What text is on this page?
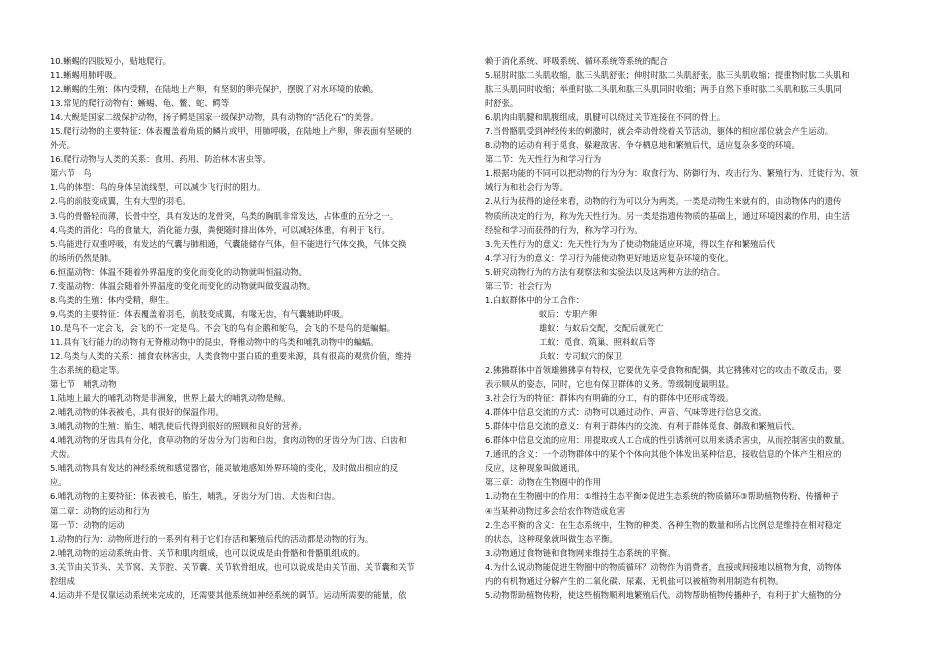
10.蜥蜴的四肢短小，贴地爬行。
11.蜥蜴用肺呼吸。
12.蜥蜴的生殖：体内受精，在陆地上产卵，有坚韧的卵壳保护，摆脱了对水环境的依赖。
13.常见的爬行动物有：蜥蜴、龟、鳖、蛇、鳄等
14.大鲵是国家二级保护动物，扬子鳄是国家一级保护动物，具有动物的“活化石”的美誉。
15.爬行动物的主要特征：体表覆盖着角质的鳞片或甲，用肺呼吸，在陆地上产卵，卵表面有坚硬的
外壳。
16.爬行动物与人类的关系：食用、药用、防治林木害虫等。
第六节　鸟
1.鸟的体型：鸟的身体呈流线型，可以减少飞行时的阻力。
2.鸟的前肢变成翼，生有大型的羽毛。
3.鸟的骨骼轻而薄，长骨中空，具有发达的龙骨突，鸟类的胸肌非常发达，占体重的五分之一。
4.鸟类的消化：鸟的食量大，消化能力强，粪便随时排出体外，可以减轻体重，有利于飞行。
5.鸟能进行双重呼吸，有发达的气囊与肺相通，气囊能储存气体，但不能进行气体交换，气体交换
的场所仍然是肺。
6.恒温动物：体温不随着外界温度的变化而变化的动物就叫恒温动物。
7.变温动物：体温会随着外界温度的变化而变化的动物就叫做变温动物。
8.鸟类的生殖：体内受精，卵生。
9.鸟类的主要特征：体表覆盖着羽毛，前肢变成翼，有喙无齿，有气囊辅助呼吸。
10.是鸟不一定会飞，会飞的不一定是鸟。不会飞的鸟有企鹅和鸵鸟，会飞的不是鸟的是蝙蝠。
11.具有飞行能力的动物有无脊椎动物中的昆虫，脊椎动物中的鸟类和哺乳动物中的蝙蝠。
12.鸟类与人类的关系：捕食农林害虫，人类食物中蛋白质的重要来源，具有很高的观赏价值，维持
生态系统的稳定等。
第七节　哺乳动物
1.陆地上最大的哺乳动物是非洲象，世界上最大的哺乳动物是鲸。
2.哺乳动物的体表被毛，具有很好的保温作用。
3.哺乳动物的生殖：胎生、哺乳使后代得到很好的照顾和良好的营养。
4.哺乳动物的牙齿具有分化，食草动物的牙齿分为门齿和臼齿，食肉动物的牙齿分为门齿、臼齿和
犬齿。
5.哺乳动物具有发达的神经系统和感觉器官，能灵敏地感知外界环境的变化，及时做出相应的反
应。
6.哺乳动物的主要特征：体表被毛，胎生，哺乳，牙齿分为门齿、犬齿和臼齿。
第二章：动物的运动和行为
第一节：动物的运动
1.动物的行为：动物所进行的一系列有利于它们存活和繁殖后代的活动都是动物的行为。
2.哺乳动物的运动系统由骨、关节和肌肉组成，也可以说成是由骨骼和骨骼肌组成的。
3.关节由关节头、关节窝、关节腔、关节囊、关节软骨组成，也可以说成是由关节面、关节囊和关节
腔组成
4.运动并不是仅靠运动系统来完成的，还需要其他系统如神经系统的调节。运动所需要的能量，依
赖于消化系统、呼吸系统、循环系统等系统的配合
5.屈肘时肱二头肌收缩，肱三头肌舒张；伸肘时肱二头肌舒张，肱三头肌收缩；提重物时肱二头肌和
肱三头肌同时收缩；举重时肱二头肌和肱三头肌同时收缩；两手自然下垂时肱二头肌和肱三头肌同
时舒张。
6.肌肉由肌腱和肌腹组成，肌腱可以绕过关节连接在不同的骨上。
7.当骨骼肌受到神经传来的刺激时，就会牵动骨绕着关节活动，躯体的相应部位就会产生运动。
8.动物的运动有利于觅食、躲避敌害、争夺栖息地和繁殖后代，适应复杂多变的环境。
第二节：先天性行为和学习行为
1.根据功能的不同可以把动物的行为分为：取食行为、防御行为、攻击行为、繁殖行为、迁徙行为、领
域行为和社会行为等。
2.从行为获得的途径来看，动物的行为可以分为两类。一类是动物生来就有的，由动物体内的遗传
物质所决定的行为，称为先天性行为。另一类是指遗传物质的基础上，通过环境因素的作用，由生活
经验和学习而获得的行为，称为学习行为。
3.先天性行为的意义：先天性行为为了使动物能适应环境，得以生存和繁殖后代
4.学习行为的意义：学习行为能使动物更好地适应复杂环境的变化。
5.研究动物行为的方法有观察法和实验法以及这两种方法的结合。
第三节：社会行为
1.白蚁群体中的分工合作：
蚁后：专职产卵
雄蚁：与蚁后交配，交配后就死亡
工蚁：觅食、筑巢、照料蚁后等
兵蚁：专司蚁穴的保卫
2.狒狒群体中首领雄狒狒享有特权，它要优先享受食物和配偶，其它狒狒对它的攻击不敢反击，要
表示顺从的姿态，同时，它也有保卫群体的义务。等级制度最明显。
3.社会行为的特征：群体内有明确的分工，有的群体中还形成等级。
4.群体中信息交流的方式：动物可以通过动作、声音、气味等进行信息交流。
5.群体中信息交流的意义：有利于群体内的交流、有利于群体觅食、御敌和繁殖后代。
6.群体中信息交流的应用：用提取或人工合成的性引诱剂可以用来诱杀害虫，从而控制害虫的数量。
7.通讯的含义：一个动物群体中的某个个体向其他个体发出某种信息，接收信息的个体产生相应的
反应，这种现象叫做通讯。
第三章：动物在生物圈中的作用
1.动物在生物圈中的作用：①维持生态平衡②促进生态系统的物质循环③帮助植物传粉、传播种子
④当某种动物过多会给农作物造成危害
2.生态平衡的含义：在生态系统中，生物的种类、各种生物的数量和所占比例总是维持在相对稳定
的状态，这种现象就叫做生态平衡。
3.动物通过食物链和食物网来维持生态系统的平衡。
4.为什么说动物能促进生物圈中的物质循环？动物作为消费者，直接或间接地以植物为食，动物体
内的有机物通过分解产生的二氧化碳、尿素、无机盐可以被植物利用制造有机物。
5.动物帮助植物传粉，使这些植物顺利地繁殖后代。动物帮助植物传播种子，有利于扩大植物的分
